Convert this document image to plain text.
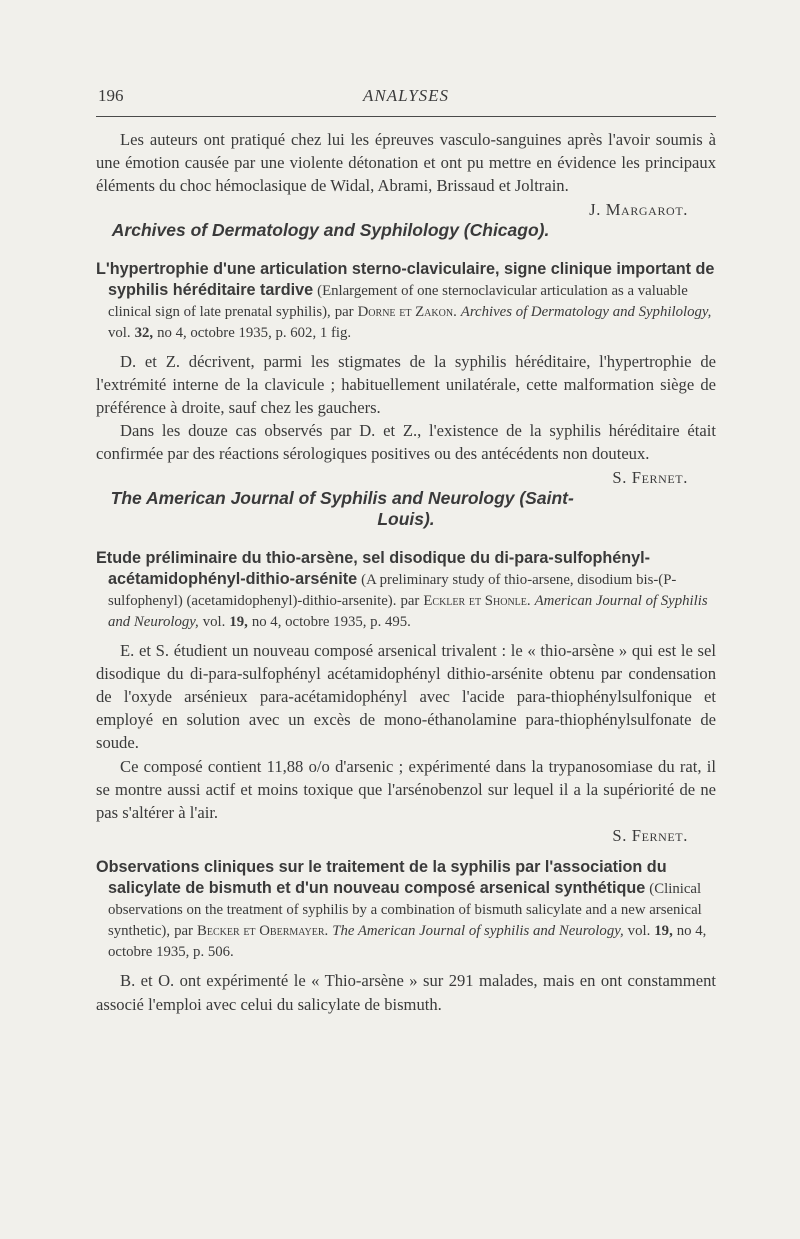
196	ANALYSES

Les auteurs ont pratiqué chez lui les épreuves vasculo-sanguines après l'avoir soumis à une émotion causée par une violente détonation et ont pu mettre en évidence les principaux éléments du choc hémoclasique de Widal, Abrami, Brissaud et Joltrain.
J. Margarot.

Archives of Dermatology and Syphilology (Chicago).
L'hypertrophie d'une articulation sterno-claviculaire, signe clinique important de syphilis héréditaire tardive (Enlargement of one sternoclavicular articulation as a valuable clinical sign of late prenatal syphilis), par Dorne et Zakon. Archives of Dermatology and Syphilology, vol. 32, no 4, octobre 1935, p. 602, 1 fig.

D. et Z. décrivent, parmi les stigmates de la syphilis héréditaire, l'hypertrophie de l'extrémité interne de la clavicule ; habituellement unilatérale, cette malformation siège de préférence à droite, sauf chez les gauchers.

Dans les douze cas observés par D. et Z., l'existence de la syphilis héréditaire était confirmée par des réactions sérologiques positives ou des antécédents non douteux.
S. Fernet.

The American Journal of Syphilis and Neurology (Saint-Louis).
Etude préliminaire du thio-arsène, sel disodique du di-para-sulfophényl-acétamidophényl-dithio-arsénite (A preliminary study of thio-arsene, disodium bis-(P-sulfophenyl) (acetamidophenyl)-dithio-arsenite). par Eckler et Shonle. American Journal of Syphilis and Neurology, vol. 19, no 4, octobre 1935, p. 495.

E. et S. étudient un nouveau composé arsenical trivalent : le « thio-arsène » qui est le sel disodique du di-para-sulfophényl acétamidophényl dithio-arsénite obtenu par condensation de l'oxyde arsénieux para-acétamidophényl avec l'acide para-thiophénylsulfonique et employé en solution avec un excès de mono-éthanolamine para-thiophénylsulfonate de soude.

Ce composé contient 11,88 o/o d'arsenic ; expérimenté dans la trypanosomiase du rat, il se montre aussi actif et moins toxique que l'arsénobenzol sur lequel il a la supériorité de ne pas s'altérer à l'air.

S. Fernet.

Observations cliniques sur le traitement de la syphilis par l'association du salicylate de bismuth et d'un nouveau composé arsenical synthétique (Clinical observations on the treatment of syphilis by a combination of bismuth salicylate and a new arsenical synthetic), par Becker et Obermayer. The American Journal of syphilis and Neurology, vol. 19, no 4, octobre 1935, p. 506.

B. et O. ont expérimenté le « Thio-arsène » sur 291 malades, mais en ont constamment associé l'emploi avec celui du salicylate de bismuth.
